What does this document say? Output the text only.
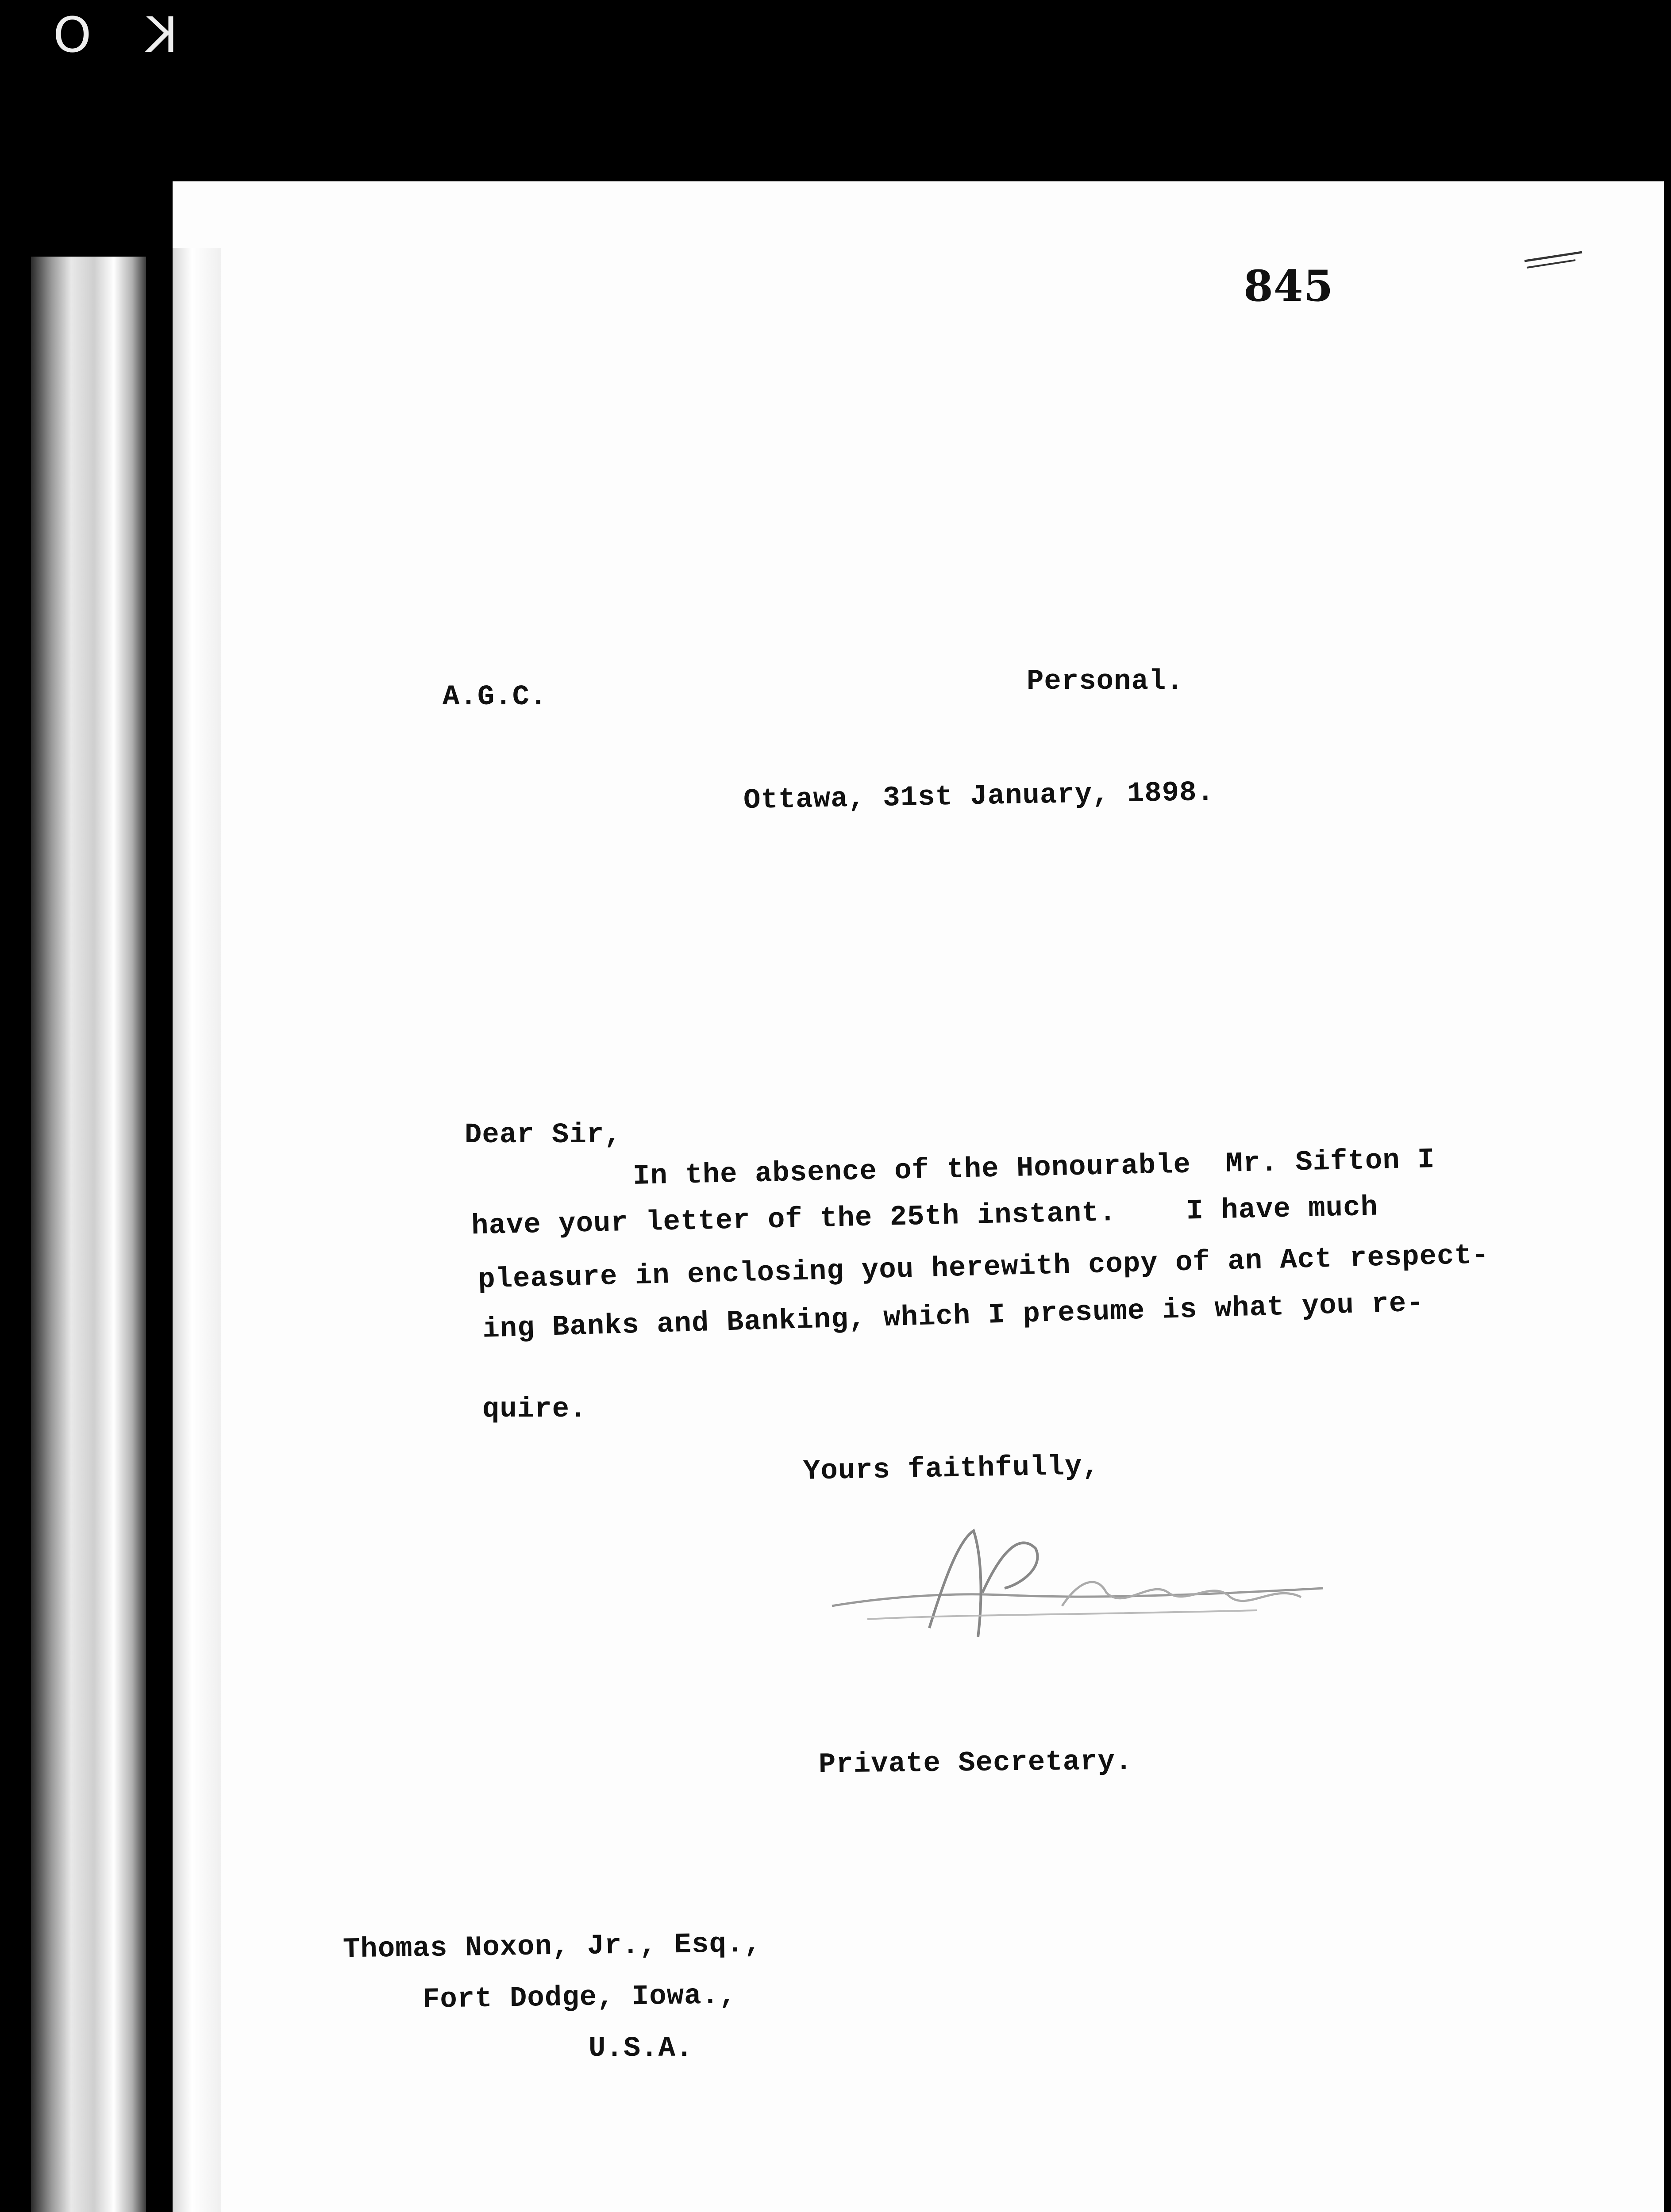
O K
845
A.G.C.	Personal.
Ottawa, 31st January, 1898.
Dear Sir,
In the absence of the Honourable  Mr. Sifton I
have your letter of the 25th instant.    I have much
pleasure in enclosing you herewith copy of an Act respect-
ing Banks and Banking, which I presume is what you re-
quire.
Yours faithfully,
Private Secretary.
Thomas Noxon, Jr., Esq.,
Fort Dodge, Iowa.,
U.S.A.
